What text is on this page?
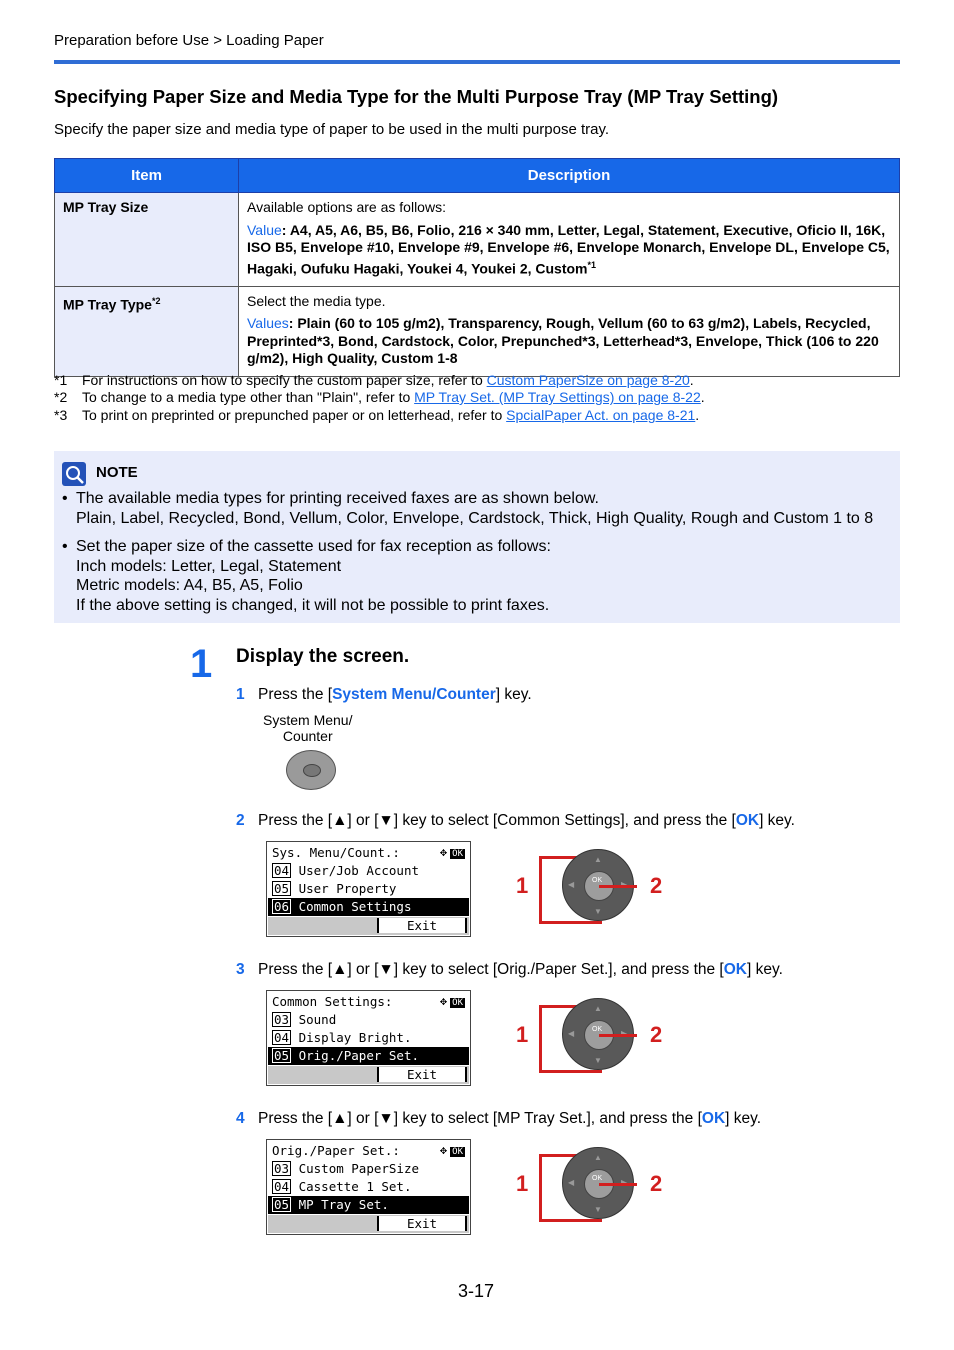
Preparation before Use > Loading Paper
Specifying Paper Size and Media Type for the Multi Purpose Tray (MP Tray Setting)
Specify the paper size and media type of paper to be used in the multi purpose tray.
Item	Description
MP Tray Size	Available options are as follows:
Value: A4, A5, A6, B5, B6, Folio, 216 × 340 mm, Letter, Legal, Statement, Executive, Oficio II, 16K, ISO B5, Envelope #10, Envelope #9, Envelope #6, Envelope Monarch, Envelope DL, Envelope C5, Hagaki, Oufuku Hagaki, Youkei 4, Youkei 2, Custom$^{*1}$

MP Tray Type$^{*2}$	Select the media type.
Values: Plain (60 to 105 g/m2), Transparency, Rough, Vellum (60 to 63 g/m2), Labels, Recycled, Preprinted*3, Bond, Cardstock, Color, Prepunched*3, Letterhead*3, Envelope, Thick (106 to 220 g/m2), High Quality, Custom 1-8
*1 For instructions on how to specify the custom paper size, refer to Custom PaperSize on page 8-20.
*2 To change to a media type other than "Plain", refer to MP Tray Set. (MP Tray Settings) on page 8-22.
*3 To print on preprinted or prepunched paper or on letterhead, refer to SpcialPaper Act. on page 8-21.
NOTE
• The available media types for printing received faxes are as shown below.
Plain, Label, Recycled, Bond, Vellum, Color, Envelope, Cardstock, Thick, High Quality, Rough and Custom 1 to 8
• Set the paper size of the cassette used for fax reception as follows:
Inch models: Letter, Legal, Statement
Metric models: A4, B5, A5, Folio
If the above setting is changed, it will not be possible to print faxes.
1 Display the screen.
1 Press the [System Menu/Counter] key.
System Menu/
Counter
2 Press the [▲] or [▼] key to select [Common Settings], and press the [OK] key.
Sys. Menu/Count.:	✥ OK
04 User/Job Account
05 User Property
06 Common Settings
Exit
1
▲
▼
◀	OK 2
3 Press the [▲] or [▼] key to select [Orig./Paper Set.], and press the [OK] key.
Common Settings:	✥ OK
03 Sound
04 Display Bright.
05 Orig./Paper Set.
Exit
1
▲
▼
◀	OK 2
4 Press the [▲] or [▼] key to select [MP Tray Set.], and press the [OK] key.
Orig./Paper Set.:	✥ OK
03 Custom PaperSize
04 Cassette 1 Set.
05 MP Tray Set.
Exit
1
▲
▼
◀	OK 2
3-17
